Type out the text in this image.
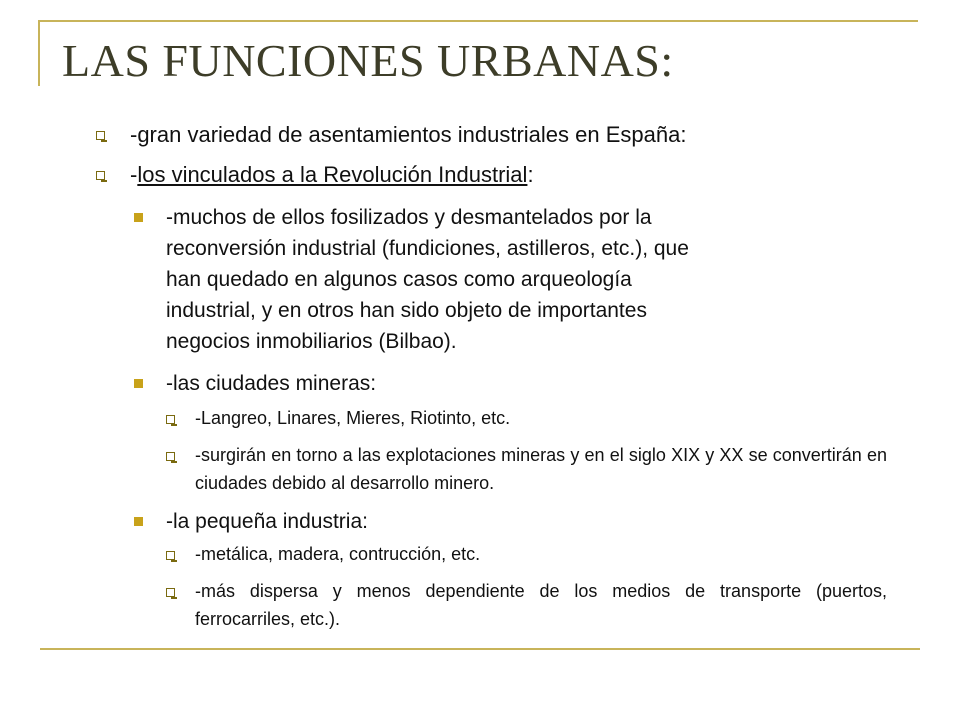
LAS FUNCIONES URBANAS:
-gran variedad de asentamientos industriales en España:
-los vinculados a la Revolución Industrial:
-muchos de ellos fosilizados y desmantelados por la reconversión industrial (fundiciones, astilleros, etc.), que han quedado en algunos casos como arqueología industrial, y en otros han sido objeto de importantes negocios inmobiliarios (Bilbao).
-las ciudades mineras:
-Langreo, Linares, Mieres, Riotinto, etc.
-surgirán en torno a las explotaciones mineras y en el siglo XIX y XX se convertirán en ciudades debido al desarrollo minero.
-la pequeña industria:
-metálica, madera, contrucción, etc.
-más dispersa y menos dependiente de los medios de transporte (puertos, ferrocarriles, etc.).
